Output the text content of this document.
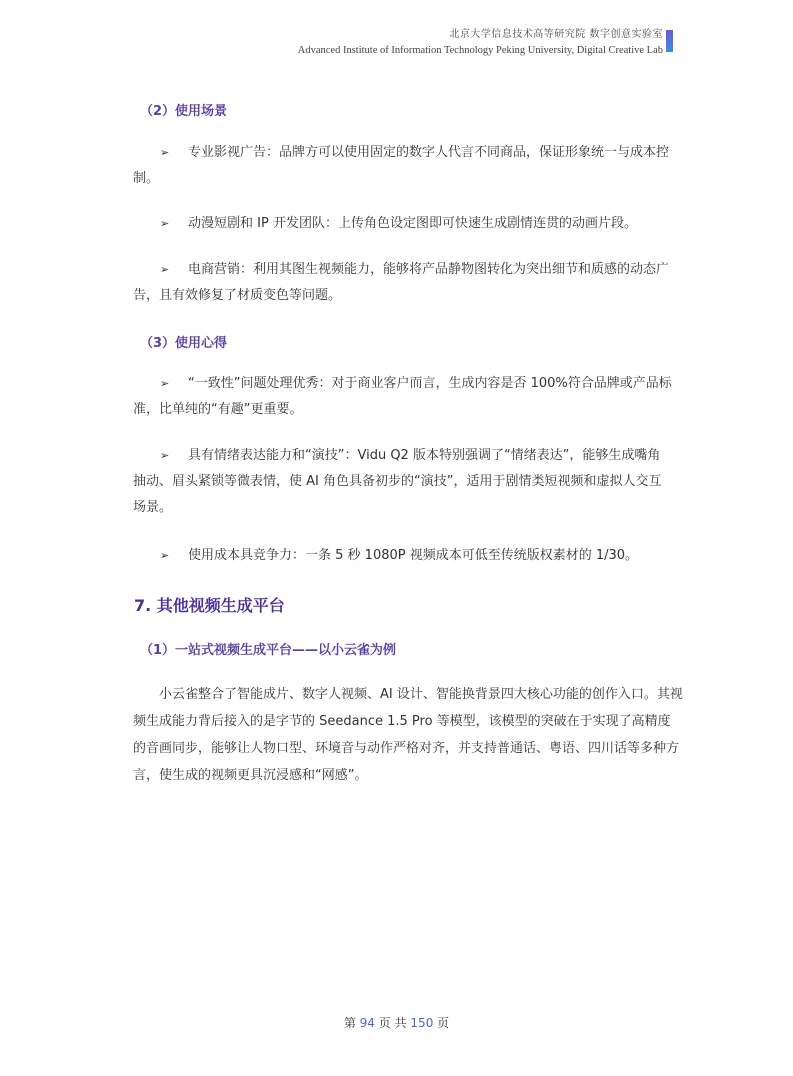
北京大学信息技术高等研究院 数字创意实验室
Advanced Institute of Information Technology Peking University, Digital Creative Lab
（2）使用场景
➢ 专业影视广告：品牌方可以使用固定的数字人代言不同商品，保证形象统一与成本控制。
➢ 动漫短剧和 IP 开发团队：上传角色设定图即可快速生成剧情连贯的动画片段。
➢ 电商营销：利用其图生视频能力，能够将产品静物图转化为突出细节和质感的动态广告，且有效修复了材质变色等问题。
（3）使用心得
➢ “一致性”问题处理优秀：对于商业客户而言，生成内容是否 100%符合品牌或产品标准，比单纯的“有趣”更重要。
➢ 具有情绪表达能力和“演技”：Vidu Q2 版本特别强调了“情绪表达”，能够生成嘴角抽动、眉头紧锁等微表情，使 AI 角色具备初步的“演技”，适用于剧情类短视频和虚拟人交互场景。
➢ 使用成本具竞争力：一条 5 秒 1080P 视频成本可低至传统版权素材的 1/30。
7. 其他视频生成平台
（1）一站式视频生成平台——以小云雀为例
小云雀整合了智能成片、数字人视频、AI 设计、智能换背景四大核心功能的创作入口。其视频生成能力背后接入的是字节的 Seedance 1.5 Pro 等模型，该模型的突破在于实现了高精度的音画同步，能够让人物口型、环境音与动作严格对齐，并支持普通话、粤语、四川话等多种方言，使生成的视频更具沉浸感和“网感”。
第 94 页 共 150 页
